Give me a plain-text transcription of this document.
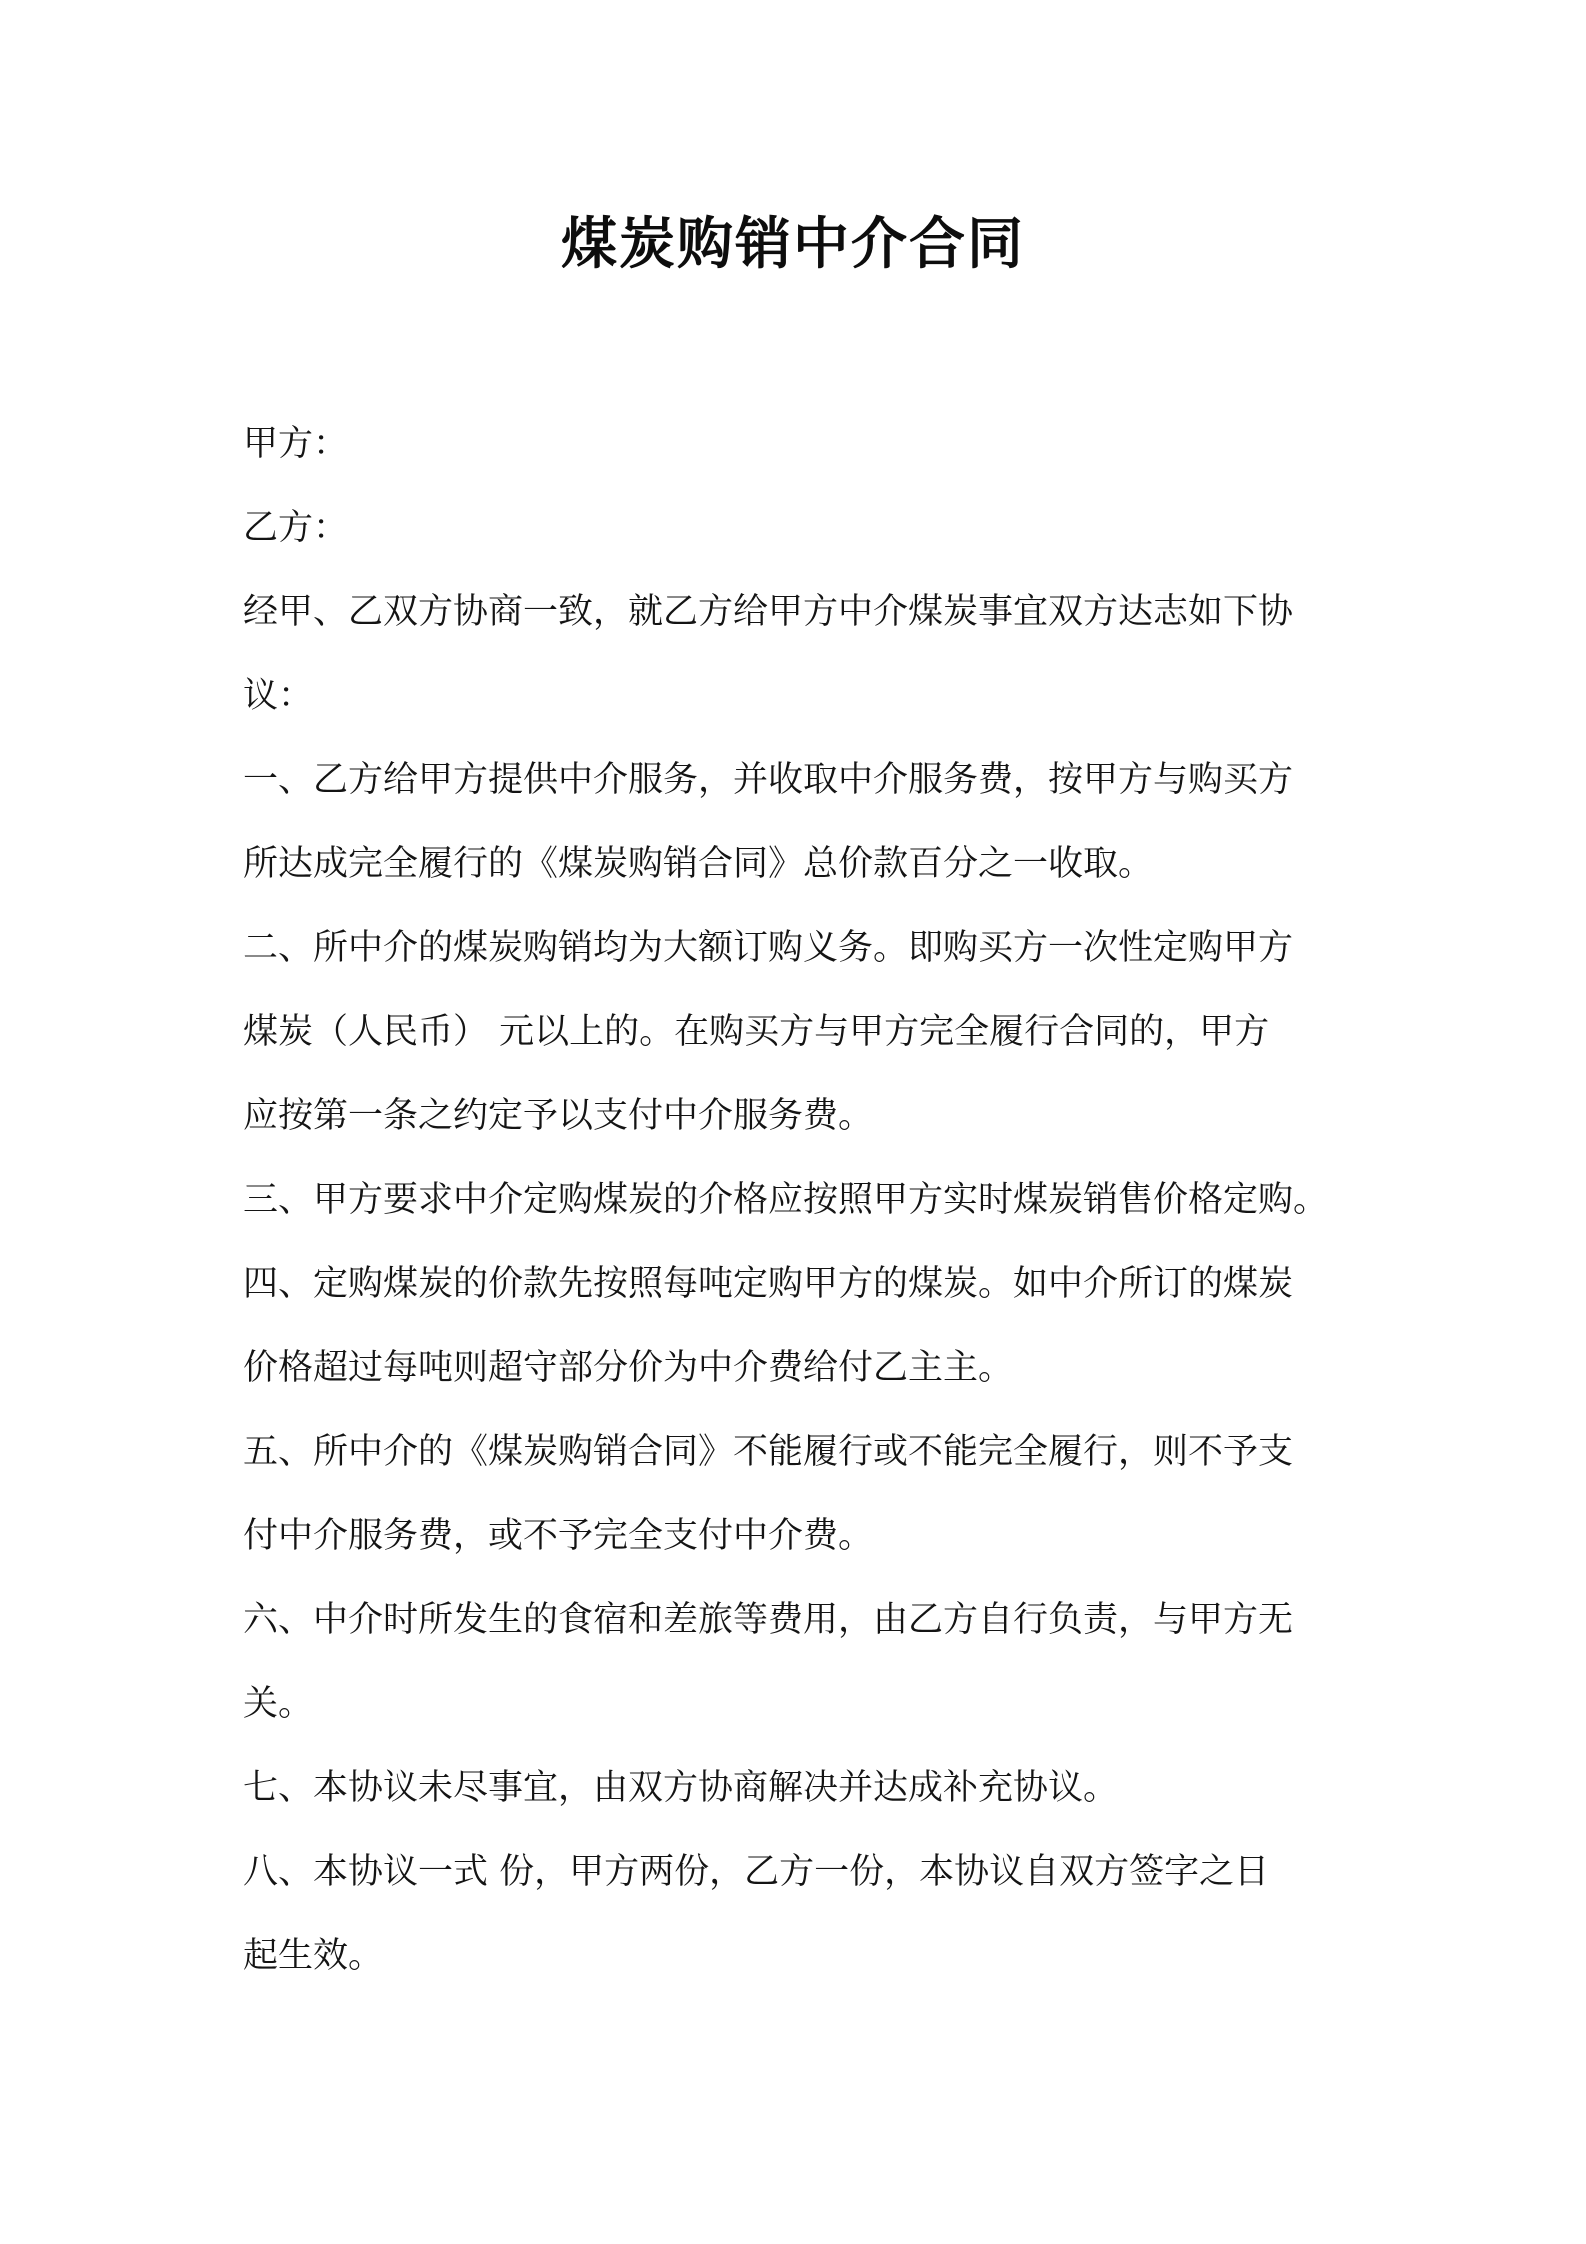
煤炭购销中介合同
甲方：
乙方：
经甲、乙双方协商一致，就乙方给甲方中介煤炭事宜双方达志如下协
议：
一、乙方给甲方提供中介服务，并收取中介服务费，按甲方与购买方
所达成完全履行的《煤炭购销合同》总价款百分之一收取。
二、所中介的煤炭购销均为大额订购义务。即购买方一次性定购甲方
煤炭（人民币） 元以上的。在购买方与甲方完全履行合同的，甲方
应按第一条之约定予以支付中介服务费。
三、甲方要求中介定购煤炭的介格应按照甲方实时煤炭销售价格定购。
四、定购煤炭的价款先按照每吨定购甲方的煤炭。如中介所订的煤炭
价格超过每吨则超守部分价为中介费给付乙主主。
五、所中介的《煤炭购销合同》不能履行或不能完全履行，则不予支
付中介服务费，或不予完全支付中介费。
六、中介时所发生的食宿和差旅等费用，由乙方自行负责，与甲方无
关。
七、本协议未尽事宜，由双方协商解决并达成补充协议。
八、本协议一式 份，甲方两份，乙方一份，本协议自双方签字之日
起生效。
